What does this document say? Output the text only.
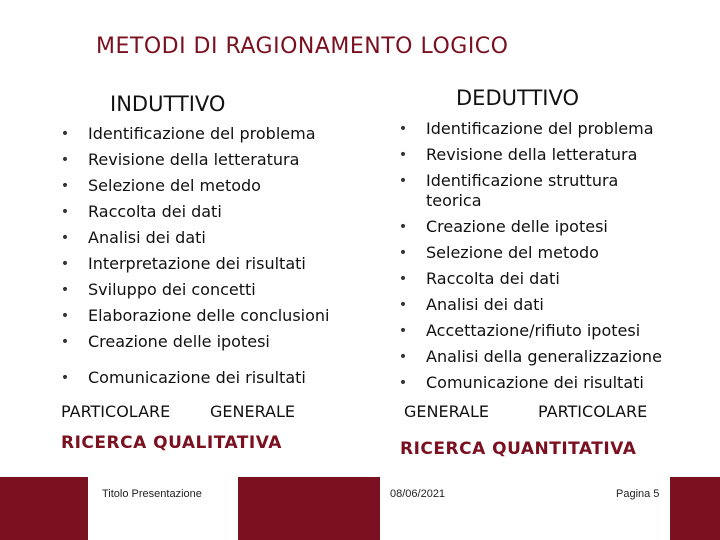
METODI DI RAGIONAMENTO LOGICO
INDUTTIVO	DEDUTTIVO
• Identificazione del problema
• Revisione della letteratura
• Selezione del metodo
• Raccolta dei dati
• Analisi dei dati
• Interpretazione dei risultati
• Sviluppo dei concetti
• Elaborazione delle conclusioni
• Creazione delle ipotesi
• Comunicazione dei risultati
• Identificazione del problema
• Revisione della letteratura
• Identificazione struttura teorica
• Creazione delle ipotesi
• Selezione del metodo
• Raccolta dei dati
• Analisi dei dati
• Accettazione/rifiuto ipotesi
• Analisi della generalizzazione
• Comunicazione dei risultati
PARTICOLARE GENERALE	GENERALE	PARTICOLARE
RICERCA QUALITATIVA	RICERCA QUANTITATIVA
Titolo Presentazione	08/06/2021	Pagina 5
